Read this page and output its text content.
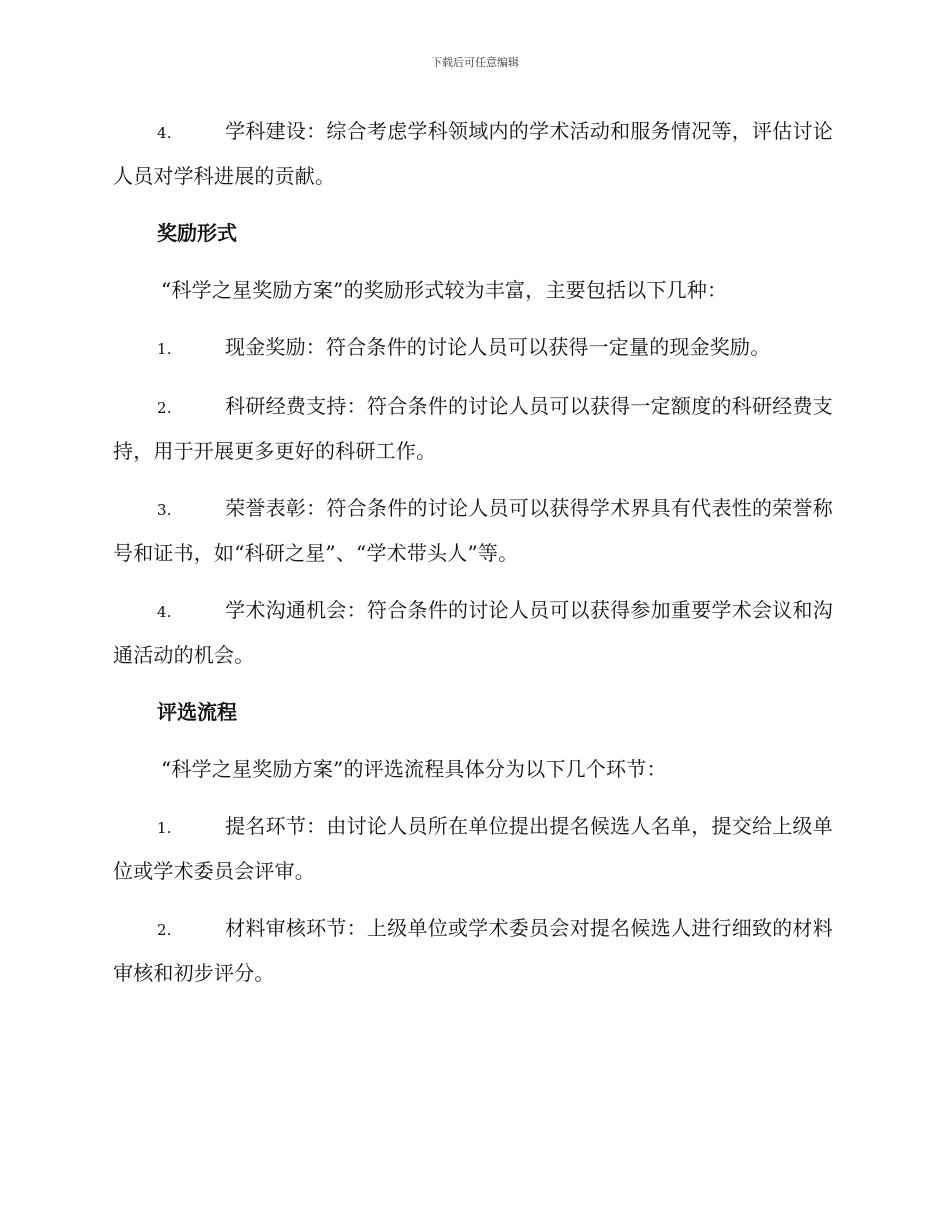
下载后可任意编辑

4.	学科建设：综合考虑学科领域内的学术活动和服务情况等，评估讨论人员对学科进展的贡献。

奖励形式

“科学之星奖励方案”的奖励形式较为丰富，主要包括以下几种：

1.	现金奖励：符合条件的讨论人员可以获得一定量的现金奖励。

2.	科研经费支持：符合条件的讨论人员可以获得一定额度的科研经费支持，用于开展更多更好的科研工作。

3.	荣誉表彰：符合条件的讨论人员可以获得学术界具有代表性的荣誉称号和证书，如“科研之星”、“学术带头人”等。

4.	学术沟通机会：符合条件的讨论人员可以获得参加重要学术会议和沟通活动的机会。

评选流程

“科学之星奖励方案”的评选流程具体分为以下几个环节：

1.	提名环节：由讨论人员所在单位提出提名候选人名单，提交给上级单位或学术委员会评审。

2.	材料审核环节：上级单位或学术委员会对提名候选人进行细致的材料审核和初步评分。
